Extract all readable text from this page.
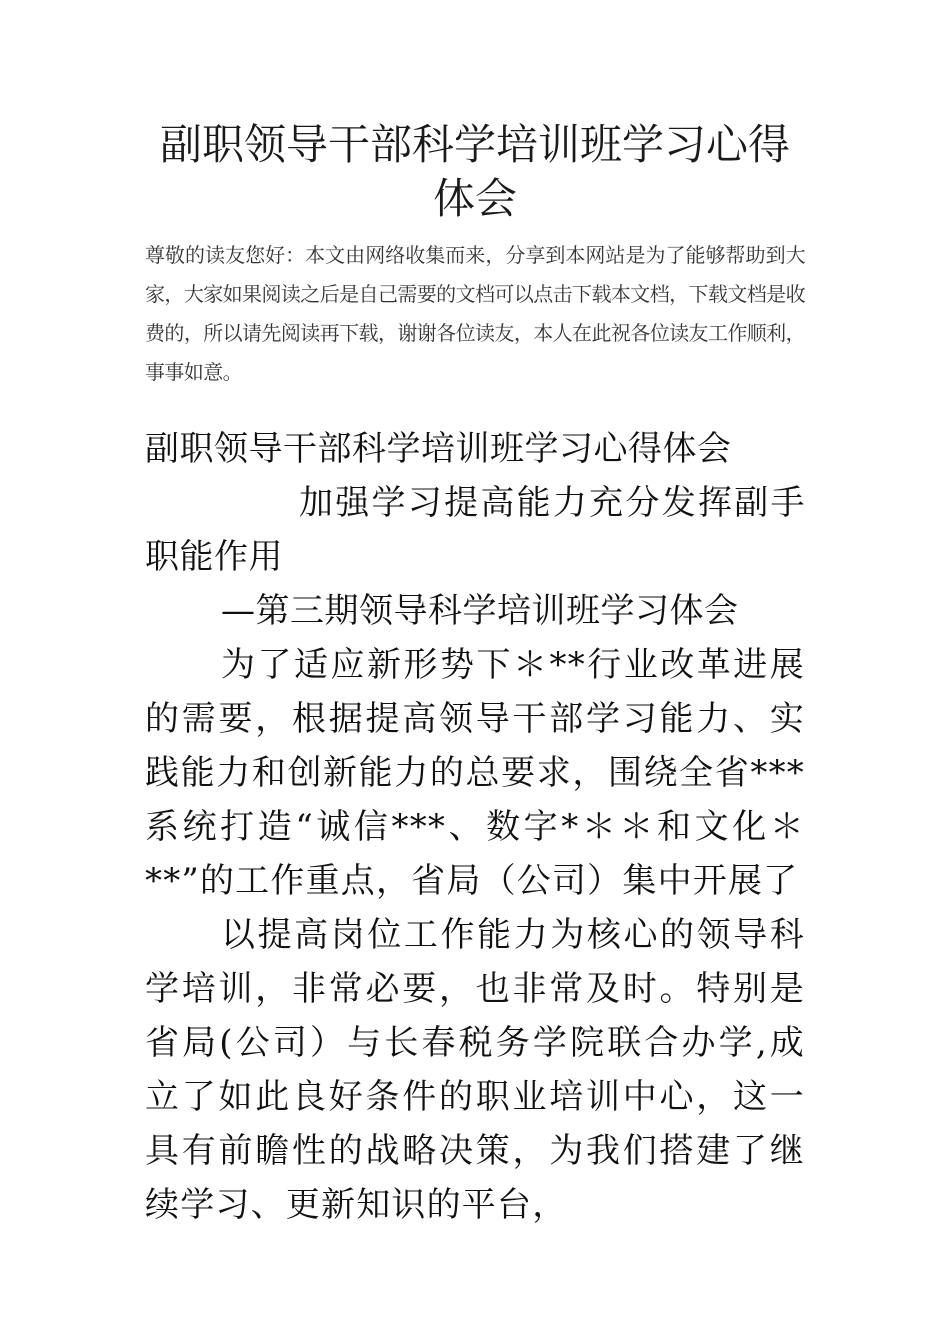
副职领导干部科学培训班学习心得体会
尊敬的读友您好：本文由网络收集而来，分享到本网站是为了能够帮助到大家，大家如果阅读之后是自己需要的文档可以点击下载本文档，下载文档是收费的，所以请先阅读再下载，谢谢各位读友，本人在此祝各位读友工作顺利，事事如意。

副职领导干部科学培训班学习心得体会

加强学习提高能力充分发挥副手职能作用

—第三期领导科学培训班学习体会

为了适应新形势下＊**行业改革进展的需要，根据提高领导干部学习能力、实践能力和创新能力的总要求，围绕全省***系统打造“诚信***、数字*＊＊和文化＊**”的工作重点，省局（公司）集中开展了

以提高岗位工作能力为核心的领导科学培训，非常必要，也非常及时。特别是省局(公司）与长春税务学院联合办学,成立了如此良好条件的职业培训中心，这一具有前瞻性的战略决策，为我们搭建了继续学习、更新知识的平台，
